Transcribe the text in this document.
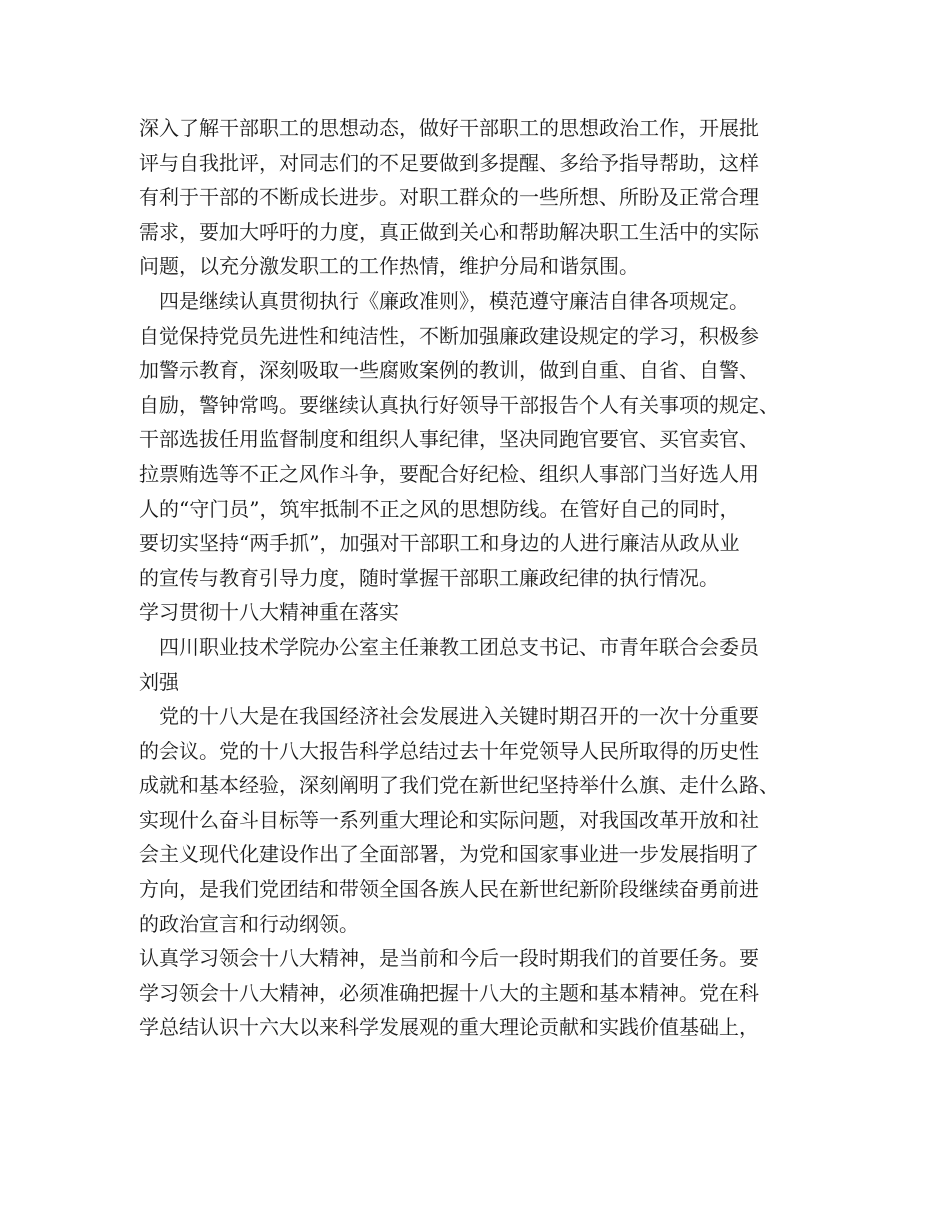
深入了解干部职工的思想动态，做好干部职工的思想政治工作，开展批
评与自我批评，对同志们的不足要做到多提醒、多给予指导帮助，这样
有利于干部的不断成长进步。对职工群众的一些所想、所盼及正常合理
需求，要加大呼吁的力度，真正做到关心和帮助解决职工生活中的实际
问题，以充分激发职工的工作热情，维护分局和谐氛围。
　四是继续认真贯彻执行《廉政准则》，模范遵守廉洁自律各项规定。
自觉保持党员先进性和纯洁性，不断加强廉政建设规定的学习，积极参
加警示教育，深刻吸取一些腐败案例的教训，做到自重、自省、自警、
自励，警钟常鸣。要继续认真执行好领导干部报告个人有关事项的规定、
干部选拔任用监督制度和组织人事纪律，坚决同跑官要官、买官卖官、
拉票贿选等不正之风作斗争，要配合好纪检、组织人事部门当好选人用
人的“守门员”，筑牢抵制不正之风的思想防线。在管好自己的同时，
要切实坚持“两手抓”，加强对干部职工和身边的人进行廉洁从政从业
的宣传与教育引导力度，随时掌握干部职工廉政纪律的执行情况。
学习贯彻十八大精神重在落实
　四川职业技术学院办公室主任兼教工团总支书记、市青年联合会委员
刘强
　党的十八大是在我国经济社会发展进入关键时期召开的一次十分重要
的会议。党的十八大报告科学总结过去十年党领导人民所取得的历史性
成就和基本经验，深刻阐明了我们党在新世纪坚持举什么旗、走什么路、
实现什么奋斗目标等一系列重大理论和实际问题，对我国改革开放和社
会主义现代化建设作出了全面部署，为党和国家事业进一步发展指明了
方向，是我们党团结和带领全国各族人民在新世纪新阶段继续奋勇前进
的政治宣言和行动纲领。
认真学习领会十八大精神，是当前和今后一段时期我们的首要任务。要
学习领会十八大精神，必须准确把握十八大的主题和基本精神。党在科
学总结认识十六大以来科学发展观的重大理论贡献和实践价值基础上，
